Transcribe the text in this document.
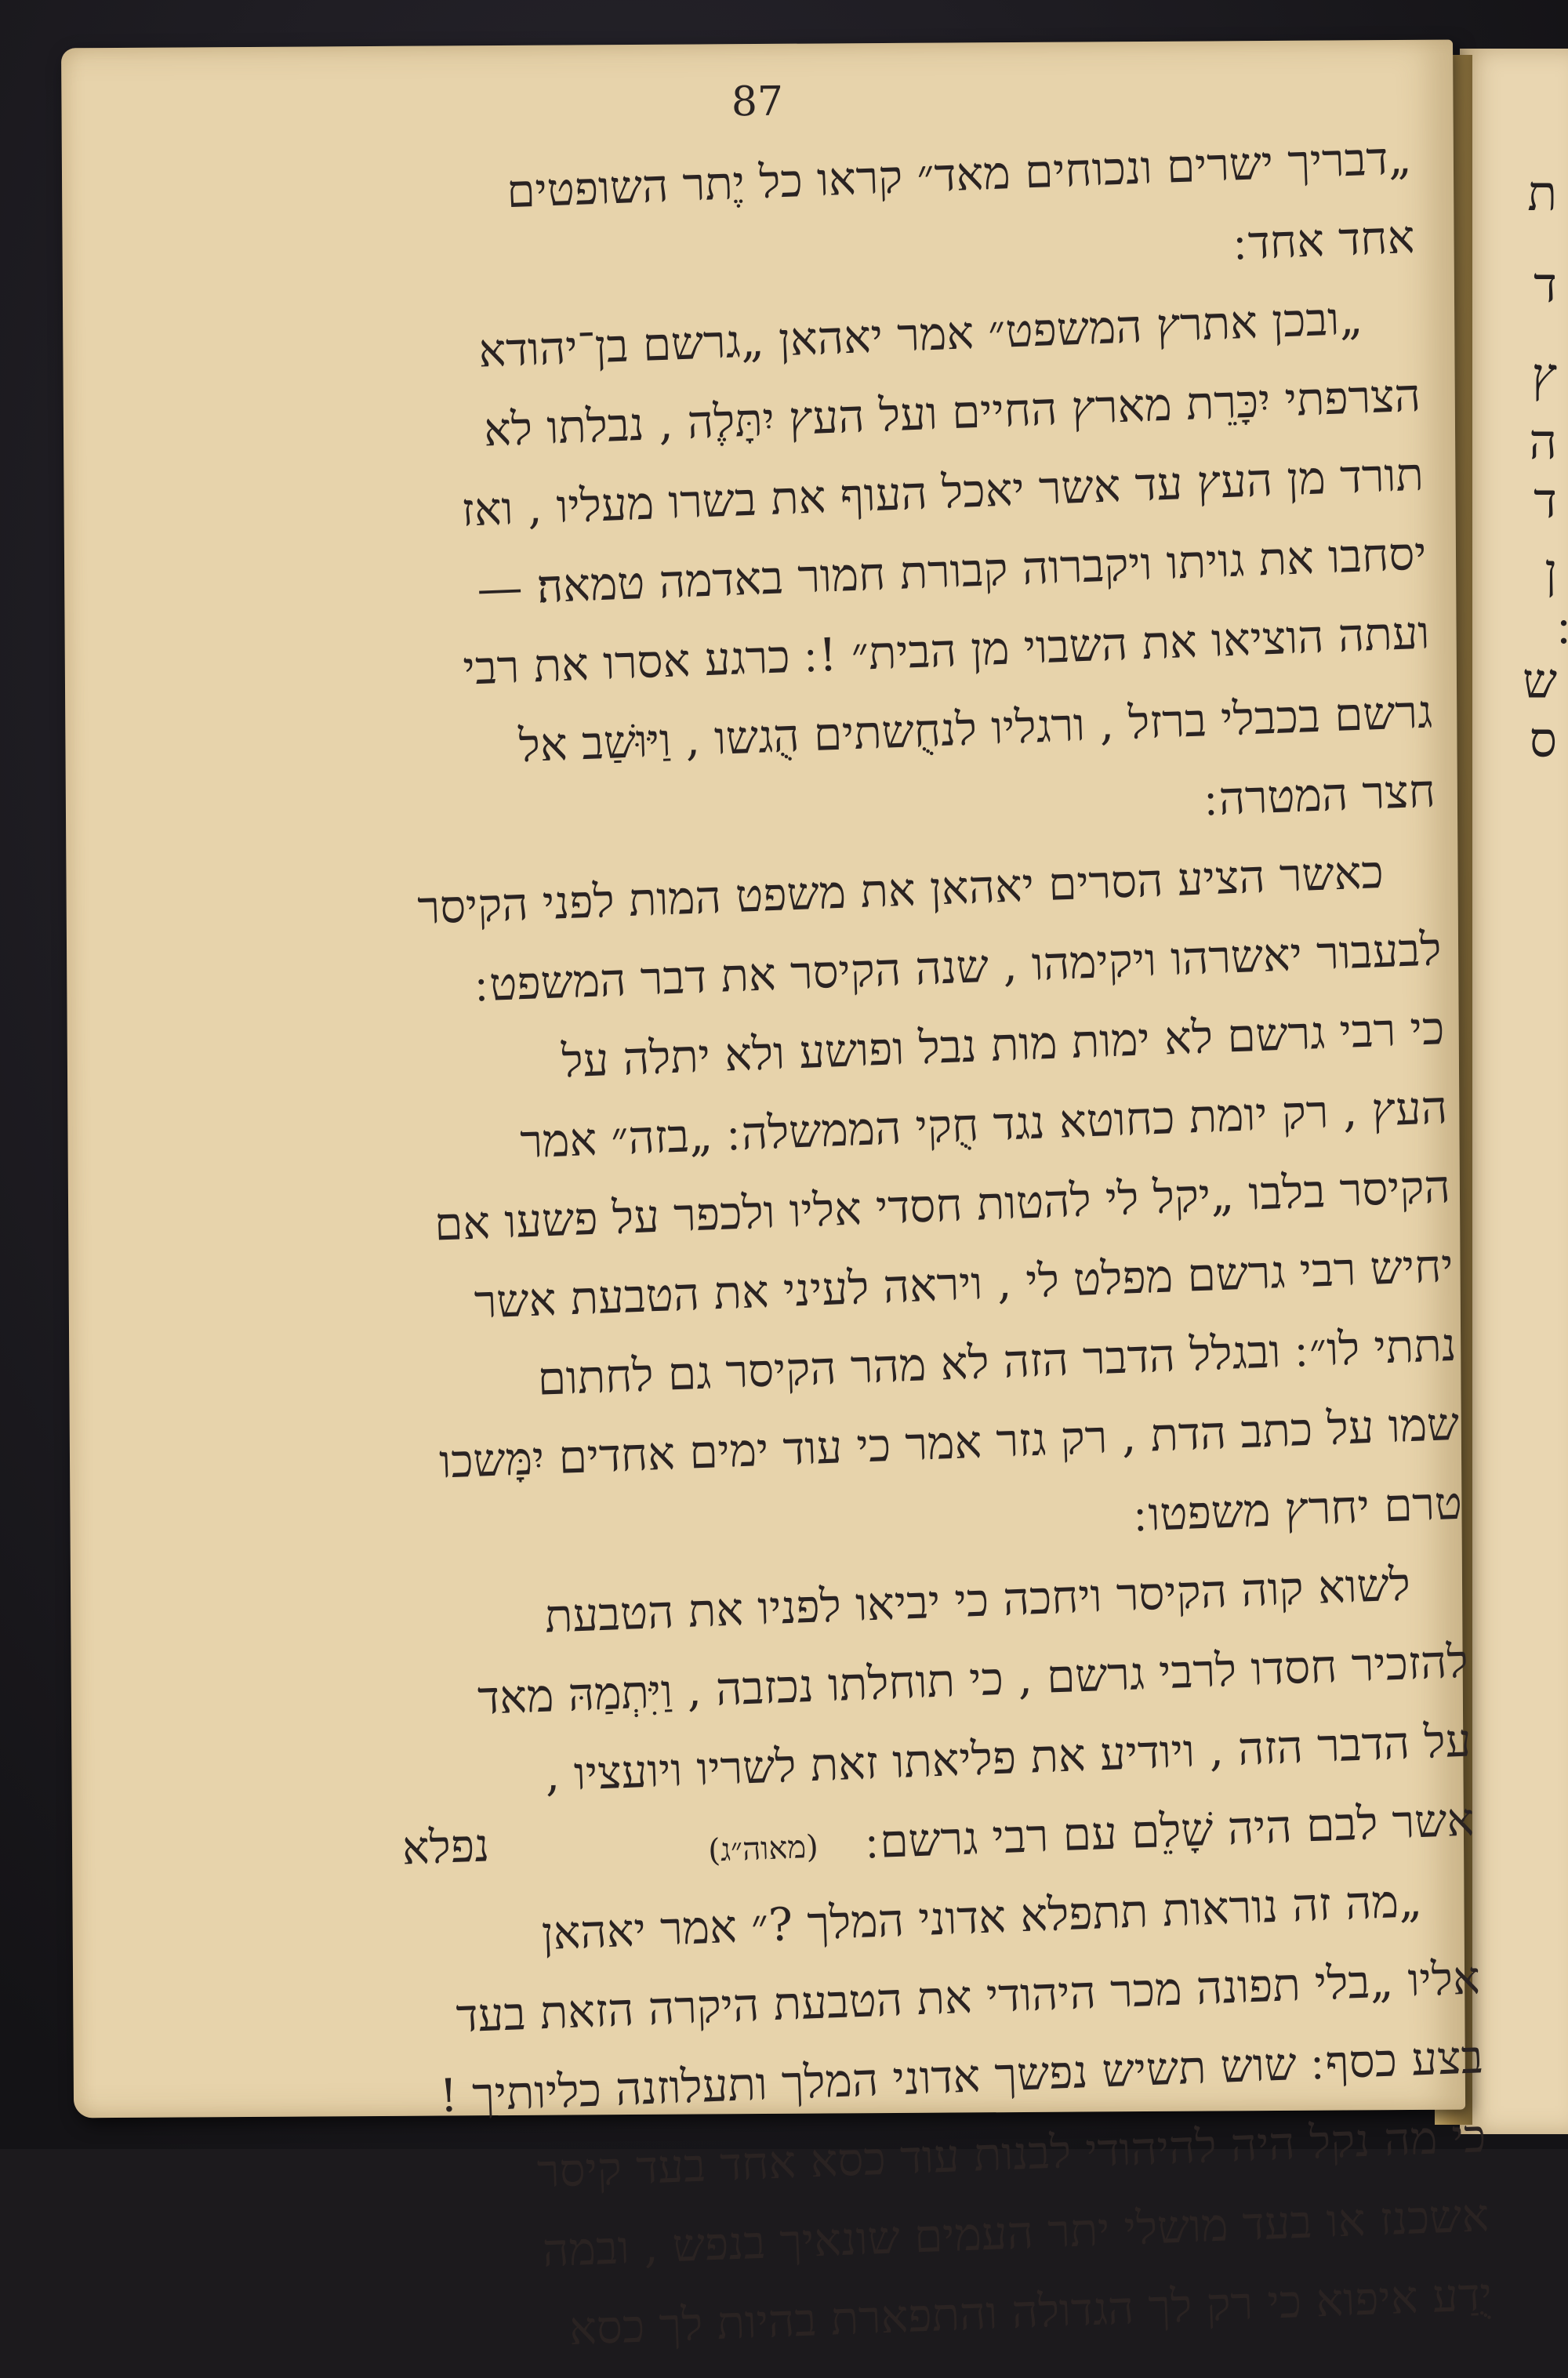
ת
ד
ץ
ה
ד
ן
ש
ס
87
„דבריך ישרים ונכוחים מאד״ קראו כל יֶתר השופטים
אחד אחד ׃
„ובכן אתרץ המשפט״ אמר יאהאן „גרשם בן־יהודא
הצרפתי יִכָּרֵת מארץ החיים ועל העץ יִתָּלֶה , נבלתו לא
תורד מן העץ עד אשר יאכל העוף את בשרו מעליו , ואז
יסחבו את גויתו ויקברוה קבורת חמור באדמה טמאה׃ —
ועתה הוציאו את השבוי מן הבית״ ! ׃ כרגע אסרו את רבי
גרשם בכבלי ברזל , ורגליו לנחֻשתים הֻגשו , וַיּוּשַׁב אל
חצר המטרה ׃
כאשר הציע הסרים יאהאן את משפט המות לפני הקיסר
לבעבור יאשרהו ויקימהו , שנה הקיסר את דבר המשפט ׃
כי רבי גרשם לא ימות מות נבל ופושע ולא יתלה על
העץ , רק יומת כחוטא נגד חֻקי הממשלה ׃ „בזה״ אמר
הקיסר בלבו „יקל לי להטות חסדי אליו ולכפר על פשעו אם
יחיש רבי גרשם מפלט לי , ויראה לעיני את הטבעת אשר
נתתי לו״ ׃ ובגלל הדבר הזה לא מהר הקיסר גם לחתום
שמו על כתב הדת , רק גזר אמר כי עוד ימים אחדים יִמָּשכו
טרם יחרץ משפטו ׃
לשוא קוה הקיסר ויחכה כי יביאו לפניו את הטבעת
להזכיר חסדו לרבי גרשם , כי תוחלתו נכזבה , וַיִּתְמַהּ מאד
על הדבר הזה , ויודיע את פליאתו זאת לשריו ויועציו ,
אשר לבם היה שָׁלֵם עם רבי גרשם ׃
„מה זה נוראות תתפלא אדוני המלך ?״ אמר יאהאן
אליו „בלי תפונה מכר היהודי את הטבעת היקרה הזאת בעד
בצע כסף ׃ שוש תשיש נפשך אדוני המלך ותעלוזנה כליותיך !
כי מה נקל היה להיהודי לבנות עוד כסא אחד בעד קיסר
אשכנז או בעד מושלי יתר העמים שונאיך בנפש , ובמה
יֻדַע איפוא כי רק לך הגדולה והתפארת בהיות לך כסא
(מאוה״ג)
נפלא
